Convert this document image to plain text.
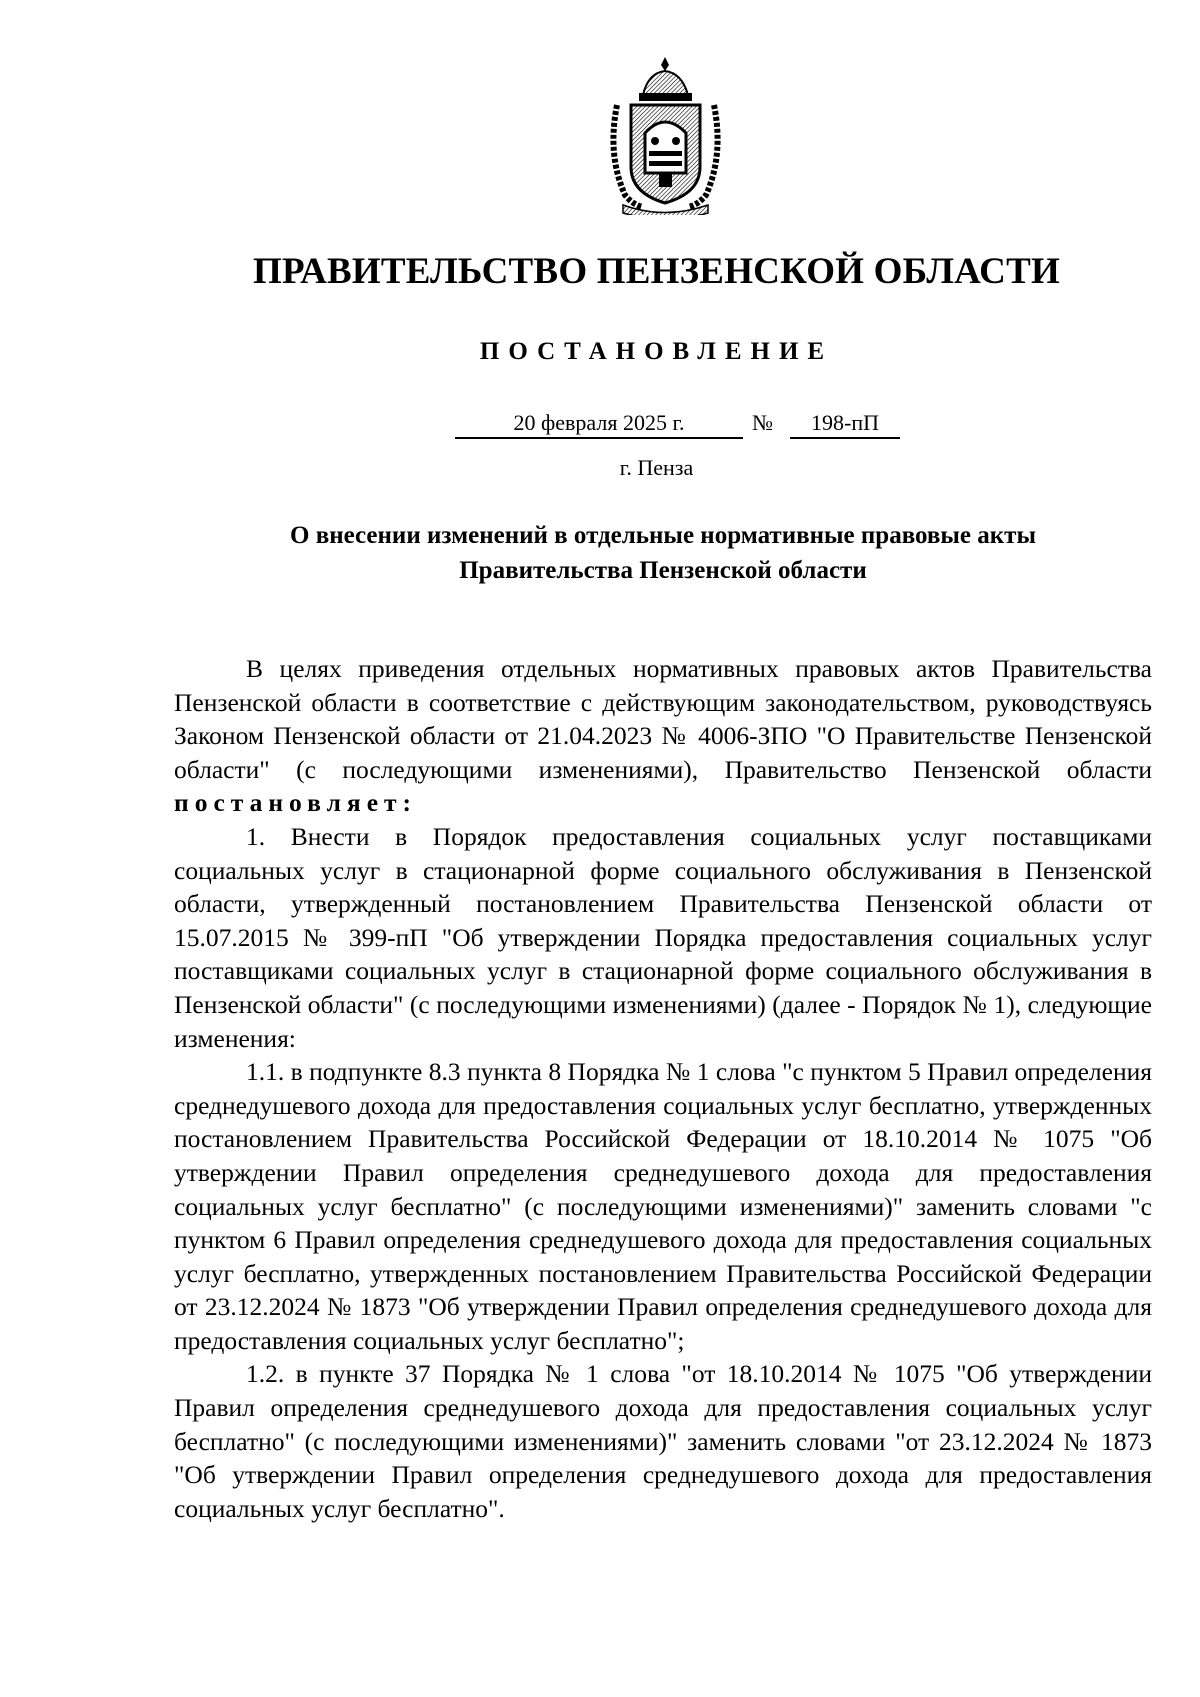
ПРАВИТЕЛЬСТВО ПЕНЗЕНСКОЙ ОБЛАСТИ
ПОСТАНОВЛЕНИЕ
20 февраля 2025 г.	№	198-пП
г. Пенза
О внесении изменений в отдельные нормативные правовые акты
Правительства Пензенской области

В целях приведения отдельных нормативных правовых актов Правительства Пензенской области в соответствие с действующим законодательством, руководствуясь Законом Пензенской области от 21.04.2023 № 4006-ЗПО "О Правительстве Пензенской области" (с последующими изменениями), Правительство Пензенской области постановляет:

1. Внести в Порядок предоставления социальных услуг поставщиками социальных услуг в стационарной форме социального обслуживания в Пензенской области, утвержденный постановлением Правительства Пензенской области от 15.07.2015 № 399-пП "Об утверждении Порядка предоставления социальных услуг поставщиками социальных услуг в стационарной форме социального обслуживания в Пензенской области" (с последующими изменениями) (далее - Порядок № 1), следующие изменения:

1.1. в подпункте 8.3 пункта 8 Порядка № 1 слова "с пунктом 5 Правил определения среднедушевого дохода для предоставления социальных услуг бесплатно, утвержденных постановлением Правительства Российской Федерации от 18.10.2014 № 1075 "Об утверждении Правил определения среднедушевого дохода для предоставления социальных услуг бесплатно" (с последующими изменениями)" заменить словами "с пунктом 6 Правил определения среднедушевого дохода для предоставления социальных услуг бесплатно, утвержденных постановлением Правительства Российской Федерации от 23.12.2024 № 1873 "Об утверждении Правил определения среднедушевого дохода для предоставления социальных услуг бесплатно";

1.2. в пункте 37 Порядка № 1 слова "от 18.10.2014 № 1075 "Об утверждении Правил определения среднедушевого дохода для предоставления социальных услуг бесплатно" (с последующими изменениями)" заменить словами "от 23.12.2024 № 1873 "Об утверждении Правил определения среднедушевого дохода для предоставления социальных услуг бесплатно".
